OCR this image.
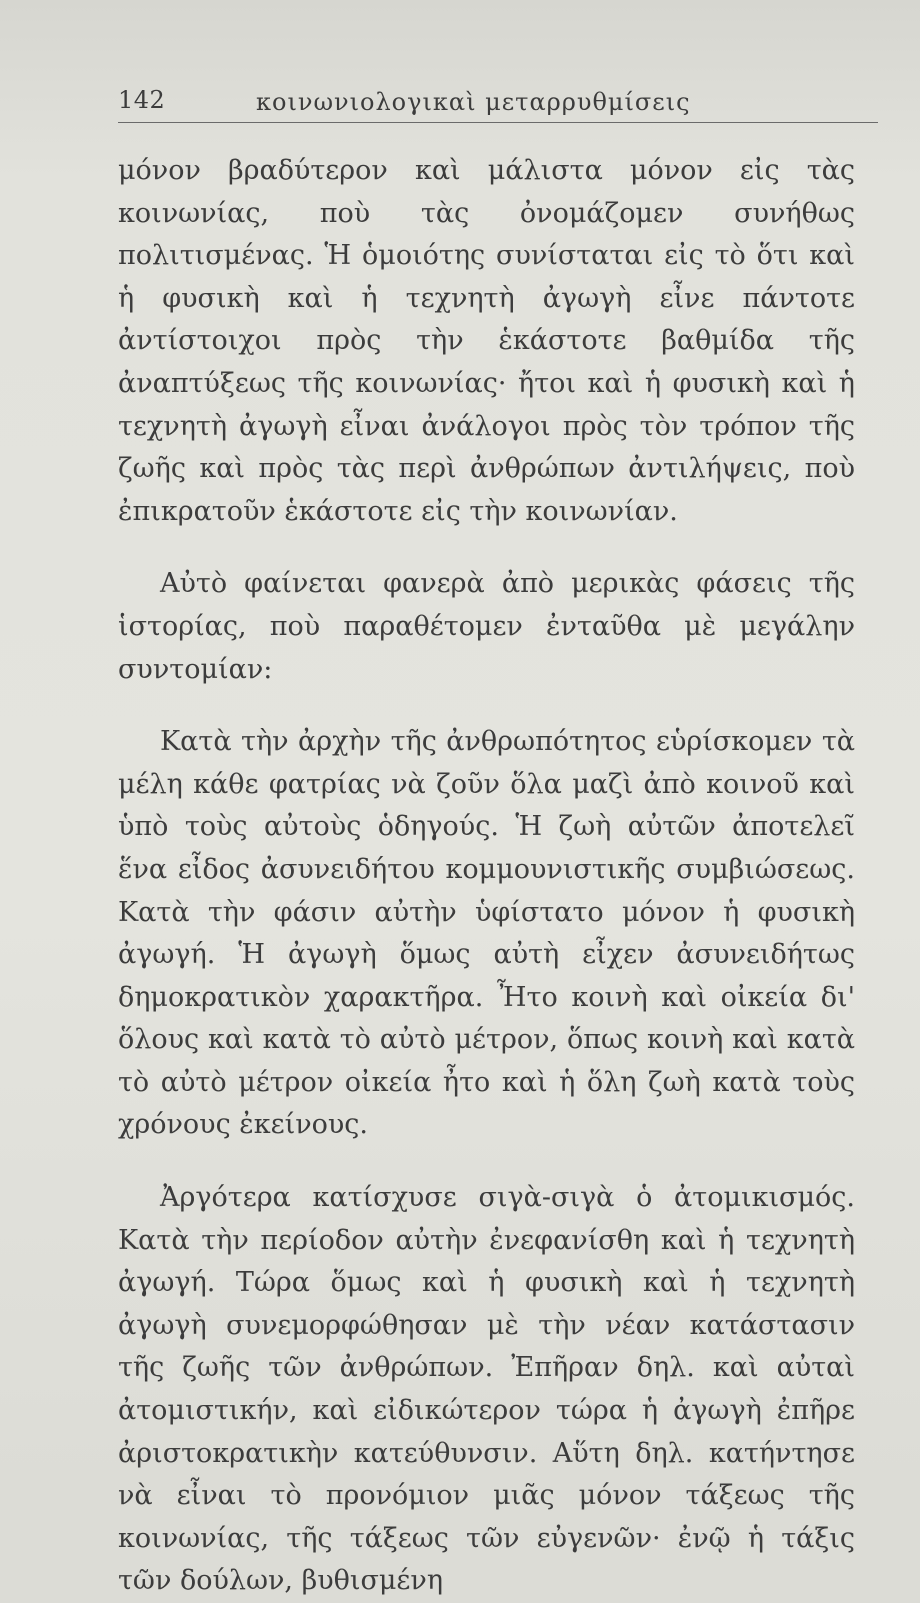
142	κοινωνιολογικαὶ μεταρρυθμίσεις

μόνον βραδύτερον καὶ μάλιστα μόνον εἰς τὰς κοινωνίας, ποὺ τὰς ὀνομάζομεν συνήθως πολιτισμένας. Ἡ ὁμοιότης συνίσταται εἰς τὸ ὅτι καὶ ἡ φυσικὴ καὶ ἡ τεχνητὴ ἀγωγὴ εἶνε πάντοτε ἀντίστοιχοι πρὸς τὴν ἑκάστοτε βαθμίδα τῆς ἀναπτύξεως τῆς κοινωνίας· ἤτοι καὶ ἡ φυσικὴ καὶ ἡ τεχνητὴ ἀγωγὴ εἶναι ἀνάλογοι πρὸς τὸν τρόπον τῆς ζωῆς καὶ πρὸς τὰς περὶ ἀνθρώπων ἀντιλήψεις, ποὺ ἐπικρατοῦν ἑκάστοτε εἰς τὴν κοινωνίαν.

Αὐτὸ φαίνεται φανερὰ ἀπὸ μερικὰς φάσεις τῆς ἱστορίας, ποὺ παραθέτομεν ἐνταῦθα μὲ μεγάλην συντομίαν:

Κατὰ τὴν ἀρχὴν τῆς ἀνθρωπότητος εὑρίσκομεν τὰ μέλη κάθε φατρίας νὰ ζοῦν ὅλα μαζὶ ἀπὸ κοινοῦ καὶ ὑπὸ τοὺς αὐτοὺς ὁδηγούς. Ἡ ζωὴ αὐτῶν ἀποτελεῖ ἕνα εἶδος ἀσυνειδήτου κομμουνιστικῆς συμβιώσεως. Κατὰ τὴν φάσιν αὐτὴν ὑφίστατο μόνον ἡ φυσικὴ ἀγωγή. Ἡ ἀγωγὴ ὅμως αὐτὴ εἶχεν ἀσυνειδήτως δημοκρατικὸν χαρακτῆρα. Ἦτο κοινὴ καὶ οἰκεία δι' ὅλους καὶ κατὰ τὸ αὐτὸ μέτρον, ὅπως κοινὴ καὶ κατὰ τὸ αὐτὸ μέτρον οἰκεία ἦτο καὶ ἡ ὅλη ζωὴ κατὰ τοὺς χρόνους ἐκείνους.

Ἀργότερα κατίσχυσε σιγὰ-σιγὰ ὁ ἀτομικισμός. Κατὰ τὴν περίοδον αὐτὴν ἐνεφανίσθη καὶ ἡ τεχνητὴ ἀγωγή. Τώρα ὅμως καὶ ἡ φυσικὴ καὶ ἡ τεχνητὴ ἀγωγὴ συνεμορφώθησαν μὲ τὴν νέαν κατάστασιν τῆς ζωῆς τῶν ἀνθρώπων. Ἐπῆραν δηλ. καὶ αὐταὶ ἀτομιστικήν, καὶ εἰδικώτερον τώρα ἡ ἀγωγὴ ἐπῆρε ἀριστοκρατικὴν κατεύθυνσιν. Αὕτη δηλ. κατήντησε νὰ εἶναι τὸ προνόμιον μιᾶς μόνον τάξεως τῆς κοινωνίας, τῆς τάξεως τῶν εὐγενῶν· ἐνῷ ἡ τάξις τῶν δούλων, βυθισμένη
